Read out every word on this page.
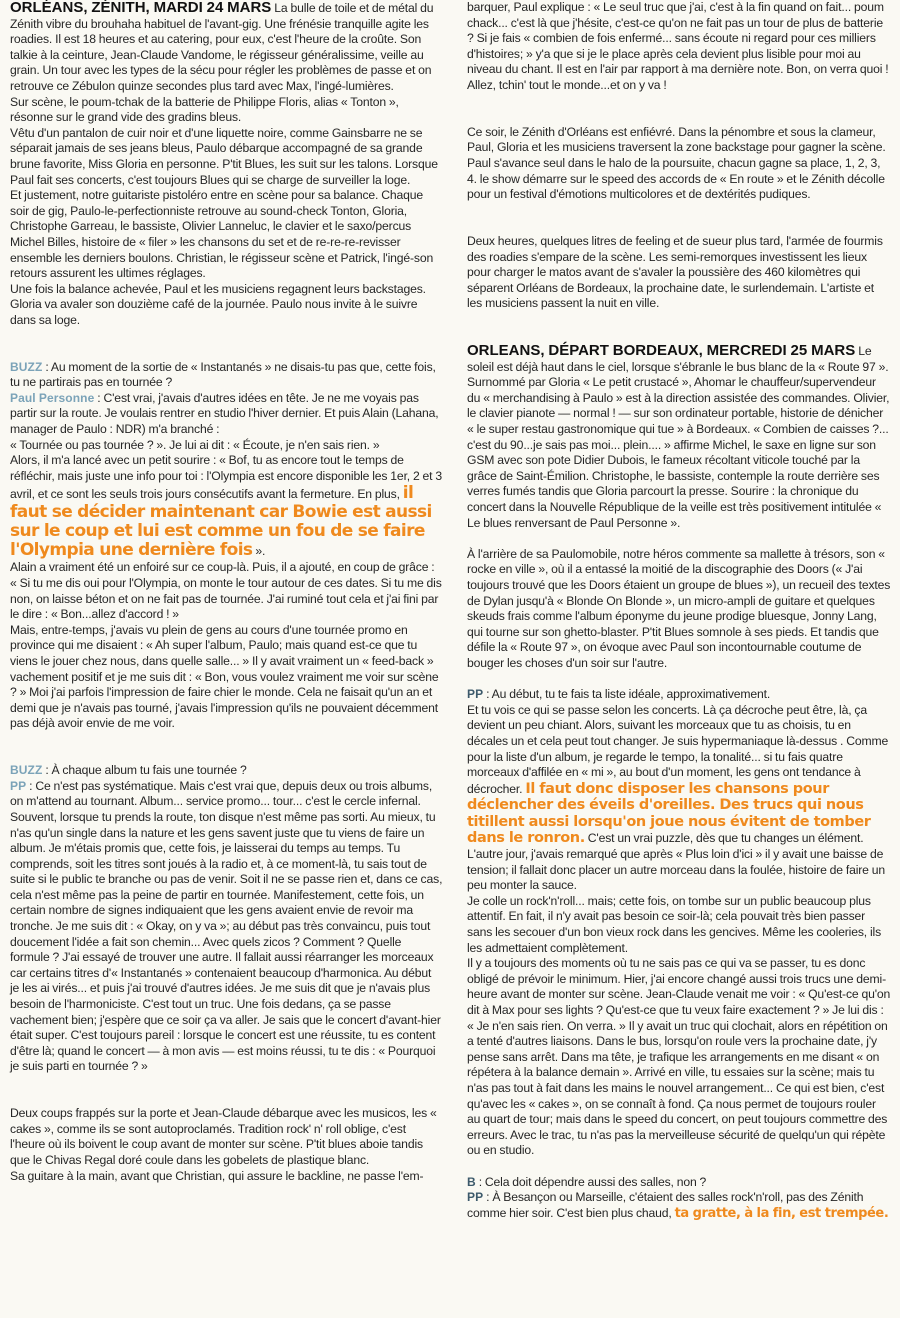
ORLÉANS, ZÉNITH, MARDI 24 MARS La bulle de toile et de métal du Zénith vibre du brouhaha habituel de l'avant-gig. Une frénésie tranquille agite les roadies. Il est 18 heures et au catering, pour eux, c'est l'heure de la croûte. Son talkie à la ceinture, Jean-Claude Vandome, le régisseur généralissime, veille au grain. Un tour avec les types de la sécu pour régler les problèmes de passe et on retrouve ce Zébulon quinze secondes plus tard avec Max, l'ingé-lumières.

Sur scène, le poum-tchak de la batterie de Philippe Floris, alias « Tonton », résonne sur le grand vide des gradins bleus.

Vêtu d'un pantalon de cuir noir et d'une liquette noire, comme Gainsbarre ne se séparait jamais de ses jeans bleus, Paulo débarque accompagné de sa grande brune favorite, Miss Gloria en personne. P'tit Blues, les suit sur les talons. Lorsque Paul fait ses concerts, c'est toujours Blues qui se charge de surveiller la loge.

Et justement, notre guitariste pistoléro entre en scène pour sa balance. Chaque soir de gig, Paulo-le-perfectionniste retrouve au sound-check Tonton, Gloria, Christophe Garreau, le bassiste, Olivier Lanneluc, le clavier et le saxo/percus Michel Billes, histoire de « filer » les chansons du set et de re-re-re-revisser ensemble les derniers boulons. Christian, le régisseur scène et Patrick, l'ingé-son retours assurent les ultimes réglages.

Une fois la balance achevée, Paul et les musiciens regagnent leurs backstages. Gloria va avaler son douzième café de la journée. Paulo nous invite à le suivre dans sa loge.

BUZZ : Au moment de la sortie de « Instantanés » ne disais-tu pas que, cette fois, tu ne partirais pas en tournée ?

Paul Personne : C'est vrai, j'avais d'autres idées en tête. Je ne me voyais pas partir sur la route. Je voulais rentrer en studio l'hiver dernier. Et puis Alain (Lahana, manager de Paulo : NDR) m'a branché :

« Tournée ou pas tournée ? ». Je lui ai dit : « Écoute, je n'en sais rien. »

Alors, il m'a lancé avec un petit sourire : « Bof, tu as encore tout le temps de réfléchir, mais juste une info pour toi : l'Olympia est encore disponible les 1er, 2 et 3 avril, et ce sont les seuls trois jours consécutifs avant la fermeture. En plus, il faut se décider maintenant car Bowie est aussi sur le coup et lui est comme un fou de se faire l'Olympia une dernière fois ».

Alain a vraiment été un enfoiré sur ce coup-là. Puis, il a ajouté, en coup de grâce : « Si tu me dis oui pour l'Olympia, on monte le tour autour de ces dates. Si tu me dis non, on laisse béton et on ne fait pas de tournée. J'ai ruminé tout cela et j'ai fini par le dire : « Bon...allez d'accord ! »

Mais, entre-temps, j'avais vu plein de gens au cours d'une tournée promo en province qui me disaient : « Ah super l'album, Paulo; mais quand est-ce que tu viens le jouer chez nous, dans quelle salle... » Il y avait vraiment un « feed-back » vachement positif et je me suis dit : « Bon, vous voulez vraiment me voir sur scène ? » Moi j'ai parfois l'impression de faire chier le monde. Cela ne faisait qu'un an et demi que je n'avais pas tourné, j'avais l'impression qu'ils ne pouvaient décemment pas déjà avoir envie de me voir.

BUZZ : À chaque album tu fais une tournée ?

PP : Ce n'est pas systématique. Mais c'est vrai que, depuis deux ou trois albums, on m'attend au tournant. Album... service promo... tour... c'est le cercle infernal. Souvent, lorsque tu prends la route, ton disque n'est même pas sorti. Au mieux, tu n'as qu'un single dans la nature et les gens savent juste que tu viens de faire un album. Je m'étais promis que, cette fois, je laisserai du temps au temps. Tu comprends, soit les titres sont joués à la radio et, à ce moment-là, tu sais tout de suite si le public te branche ou pas de venir. Soit il ne se passe rien et, dans ce cas, cela n'est même pas la peine de partir en tournée. Manifestement, cette fois, un certain nombre de signes indiquaient que les gens avaient envie de revoir ma tronche. Je me suis dit : « Okay, on y va »; au début pas très convaincu, puis tout doucement l'idée a fait son chemin... Avec quels zicos ? Comment ? Quelle formule ? J'ai essayé de trouver une autre. Il fallait aussi réarranger les morceaux car certains titres d'« Instantanés » contenaient beaucoup d'harmonica. Au début je les ai virés... et puis j'ai trouvé d'autres idées. Je me suis dit que je n'avais plus besoin de l'harmoniciste. C'est tout un truc. Une fois dedans, ça se passe vachement bien; j'espère que ce soir ça va aller. Je sais que le concert d'avant-hier était super. C'est toujours pareil : lorsque le concert est une réussite, tu es content d'être là; quand le concert — à mon avis — est moins réussi, tu te dis : « Pourquoi je suis parti en tournée ? »

Deux coups frappés sur la porte et Jean-Claude débarque avec les musicos, les « cakes », comme ils se sont autoproclamés. Tradition rock' n' roll oblige, c'est l'heure où ils boivent le coup avant de monter sur scène. P'tit blues aboie tandis que le Chivas Regal doré coule dans les gobelets de plastique blanc.

Sa guitare à la main, avant que Christian, qui assure le backline, ne passe l'em-

barquer, Paul explique : « Le seul truc que j'ai, c'est à la fin quand on fait... poum chack... c'est là que j'hésite, c'est-ce qu'on ne fait pas un tour de plus de batterie ? Si je fais « combien de fois enfermé... sans écoute ni regard pour ces milliers d'histoires; » y'a que si je le place après cela devient plus lisible pour moi au niveau du chant. Il est en l'air par rapport à ma dernière note. Bon, on verra quoi !

Allez, tchin' tout le monde...et on y va !

Ce soir, le Zénith d'Orléans est enfiévré. Dans la pénombre et sous la clameur, Paul, Gloria et les musiciens traversent la zone backstage pour gagner la scène. Paul s'avance seul dans le halo de la poursuite, chacun gagne sa place, 1, 2, 3, 4. le show démarre sur le speed des accords de « En route » et le Zénith décolle pour un festival d'émotions multicolores et de dextérités pudiques.

Deux heures, quelques litres de feeling et de sueur plus tard, l'armée de fourmis des roadies s'empare de la scène. Les semi-remorques investissent les lieux pour charger le matos avant de s'avaler la poussière des 460 kilomètres qui séparent Orléans de Bordeaux, la prochaine date, le surlendemain. L'artiste et les musiciens passent la nuit en ville.

ORLEANS, DÉPART BORDEAUX, MERCREDI 25 MARS Le soleil est déjà haut dans le ciel, lorsque s'ébranle le bus blanc de la « Route 97 ». Surnommé par Gloria « Le petit crustacé », Ahomar le chauffeur/supervendeur du « merchandising à Paulo » est à la direction assistée des commandes. Olivier, le clavier pianote — normal ! — sur son ordinateur portable, historie de dénicher « le super restau gastronomique qui tue » à Bordeaux. « Combien de caisses ?... c'est du 90...je sais pas moi... plein.... » affirme Michel, le saxe en ligne sur son GSM avec son pote Didier Dubois, le fameux récoltant viticole touché par la grâce de Saint-Émilion. Christophe, le bassiste, contemple la route derrière ses verres fumés tandis que Gloria parcourt la presse. Sourire : la chronique du concert dans la Nouvelle République de la veille est très positivement intitulée « Le blues renversant de Paul Personne ».

À l'arrière de sa Paulomobile, notre héros commente sa mallette à trésors, son « rocke en ville », où il a entassé la moitié de la discographie des Doors (« J'ai toujours trouvé que les Doors étaient un groupe de blues »), un recueil des textes de Dylan jusqu'à « Blonde On Blonde », un micro-ampli de guitare et quelques skeuds frais comme l'album éponyme du jeune prodige bluesque, Jonny Lang, qui tourne sur son ghetto-blaster. P'tit Blues somnole à ses pieds. Et tandis que défile la « Route 97 », on évoque avec Paul son incontournable coutume de bouger les choses d'un soir sur l'autre.

PP : Au début, tu te fais ta liste idéale, approximativement.

Et tu vois ce qui se passe selon les concerts. Là ça décroche peut être, là, ça devient un peu chiant. Alors, suivant les morceaux que tu as choisis, tu en décales un et cela peut tout changer. Je suis hypermaniaque là-dessus . Comme pour la liste d'un album, je regarde le tempo, la tonalité... si tu fais quatre morceaux d'affilée en « mi », au bout d'un moment, les gens ont tendance à décrocher. Il faut donc disposer les chansons pour déclencher des éveils d'oreilles. Des trucs qui nous titillent aussi lorsqu'on joue nous évitent de tomber dans le ronron. C'est un vrai puzzle, dès que tu changes un élément.

L'autre jour, j'avais remarqué que après « Plus loin d'ici » il y avait une baisse de tension; il fallait donc placer un autre morceau dans la foulée, histoire de faire un peu monter la sauce.

Je colle un rock'n'roll... mais; cette fois, on tombe sur un public beaucoup plus attentif. En fait, il n'y avait pas besoin ce soir-là; cela pouvait très bien passer sans les secouer d'un bon vieux rock dans les gencives. Même les cooleries, ils les admettaient complètement.

Il y a toujours des moments où tu ne sais pas ce qui va se passer, tu es donc obligé de prévoir le minimum. Hier, j'ai encore changé aussi trois trucs une demi-heure avant de monter sur scène. Jean-Claude venait me voir : « Qu'est-ce qu'on dit à Max pour ses lights ? Qu'est-ce que tu veux faire exactement ? » Je lui dis : « Je n'en sais rien. On verra. » Il y avait un truc qui clochait, alors en répétition on a tenté d'autres liaisons. Dans le bus, lorsqu'on roule vers la prochaine date, j'y pense sans arrêt. Dans ma tête, je trafique les arrangements en me disant « on répétera à la balance demain ». Arrivé en ville, tu essaies sur la scène; mais tu n'as pas tout à fait dans les mains le nouvel arrangement... Ce qui est bien, c'est qu'avec les « cakes », on se connaît à fond. Ça nous permet de toujours rouler au quart de tour; mais dans le speed du concert, on peut toujours commettre des erreurs. Avec le trac, tu n'as pas la merveilleuse sécurité de quelqu'un qui répète ou en studio.

B : Cela doit dépendre aussi des salles, non ?

PP : À Besançon ou Marseille, c'étaient des salles rock'n'roll, pas des Zénith comme hier soir. C'est bien plus chaud, ta gratte, à la fin, est trempée.
